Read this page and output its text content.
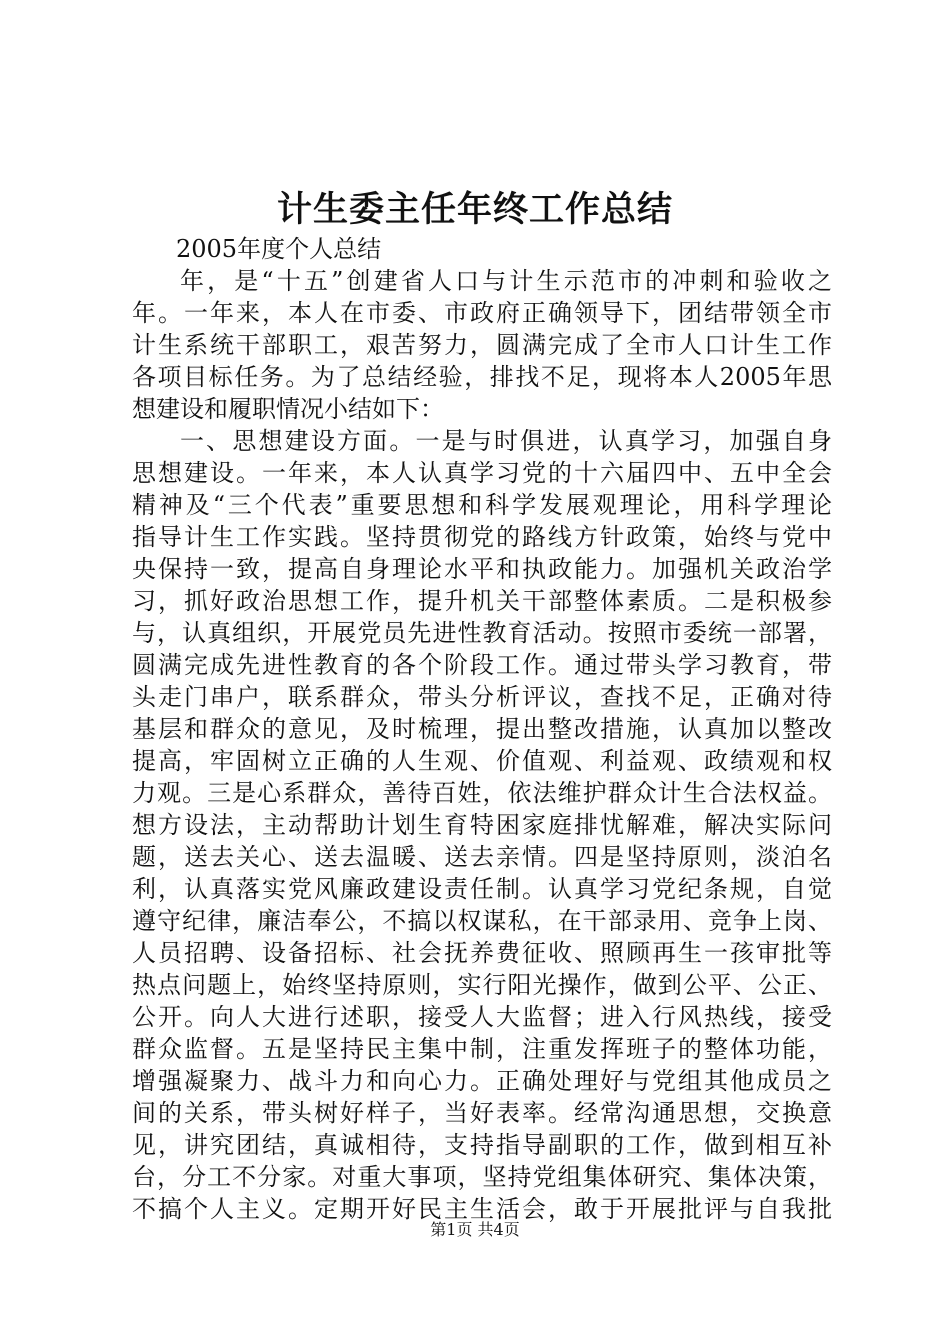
计生委主任年终工作总结
2005年度个人总结
年，是“十五”创建省人口与计生示范市的冲刺和验收之
年。一年来，本人在市委、市政府正确领导下，团结带领全市
计生系统干部职工，艰苦努力，圆满完成了全市人口计生工作
各项目标任务。为了总结经验，排找不足，现将本人2005年思
想建设和履职情况小结如下：
一、思想建设方面。一是与时俱进，认真学习，加强自身
思想建设。一年来，本人认真学习党的十六届四中、五中全会
精神及“三个代表”重要思想和科学发展观理论，用科学理论
指导计生工作实践。坚持贯彻党的路线方针政策，始终与党中
央保持一致，提高自身理论水平和执政能力。加强机关政治学
习，抓好政治思想工作，提升机关干部整体素质。二是积极参
与，认真组织，开展党员先进性教育活动。按照市委统一部署，
圆满完成先进性教育的各个阶段工作。通过带头学习教育，带
头走门串户，联系群众，带头分析评议，查找不足，正确对待
基层和群众的意见，及时梳理，提出整改措施，认真加以整改
提高，牢固树立正确的人生观、价值观、利益观、政绩观和权
力观。三是心系群众，善待百姓，依法维护群众计生合法权益。
想方设法，主动帮助计划生育特困家庭排忧解难，解决实际问
题，送去关心、送去温暖、送去亲情。四是坚持原则，淡泊名
利，认真落实党风廉政建设责任制。认真学习党纪条规，自觉
遵守纪律，廉洁奉公，不搞以权谋私，在干部录用、竞争上岗、
人员招聘、设备招标、社会抚养费征收、照顾再生一孩审批等
热点问题上，始终坚持原则，实行阳光操作，做到公平、公正、
公开。向人大进行述职，接受人大监督；进入行风热线，接受
群众监督。五是坚持民主集中制，注重发挥班子的整体功能，
增强凝聚力、战斗力和向心力。正确处理好与党组其他成员之
间的关系，带头树好样子，当好表率。经常沟通思想，交换意
见，讲究团结，真诚相待，支持指导副职的工作，做到相互补
台，分工不分家。对重大事项，坚持党组集体研究、集体决策，
不搞个人主义。定期开好民主生活会，敢于开展批评与自我批
第1页 共4页
